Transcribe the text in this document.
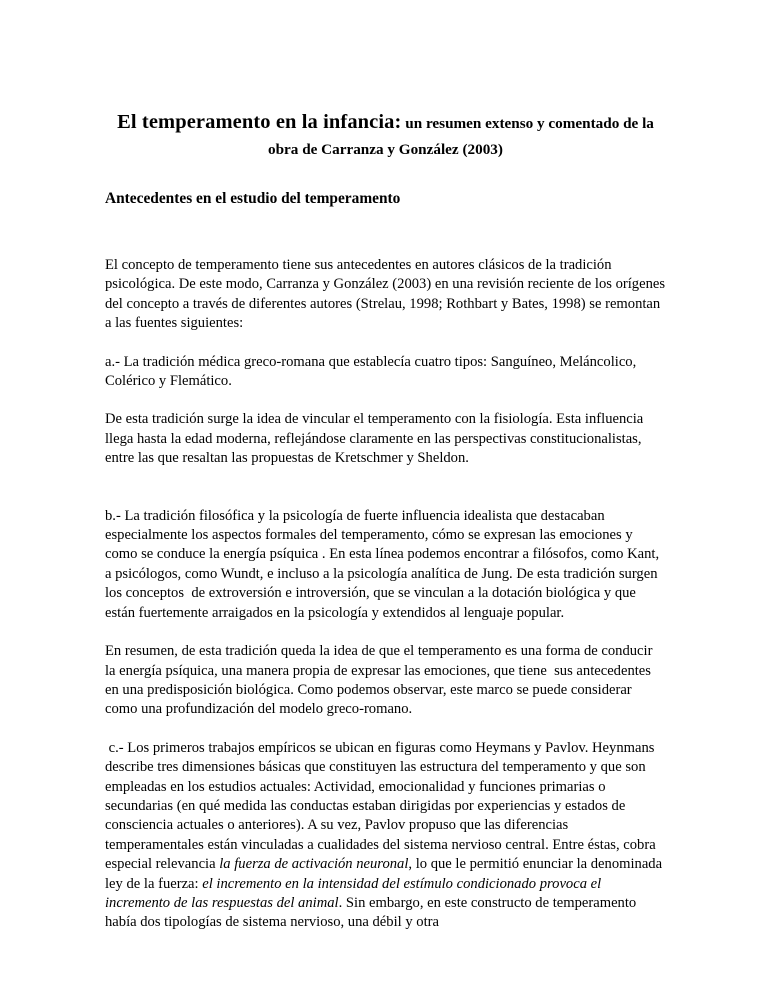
El temperamento en la infancia: un resumen extenso y comentado de la obra de Carranza y González (2003)
Antecedentes en el estudio del temperamento

El concepto de temperamento tiene sus antecedentes en autores clásicos de la tradición psicológica. De este modo, Carranza y González (2003) en una revisión reciente de los orígenes del concepto a través de diferentes autores (Strelau, 1998; Rothbart y Bates, 1998) se remontan a las fuentes siguientes:

a.- La tradición médica greco-romana que establecía cuatro tipos: Sanguíneo, Meláncolico, Colérico y Flemático.

De esta tradición surge la idea de vincular el temperamento con la fisiología. Esta influencia llega hasta la edad moderna, reflejándose claramente en las perspectivas constitucionalistas, entre las que resaltan las propuestas de Kretschmer y Sheldon.

b.- La tradición filosófica y la psicología de fuerte influencia idealista que destacaban especialmente los aspectos formales del temperamento, cómo se expresan las emociones y como se conduce la energía psíquica . En esta línea podemos encontrar a filósofos, como Kant, a psicólogos, como Wundt, e incluso a la psicología analítica de Jung. De esta tradición surgen los conceptos  de extroversión e introversión, que se vinculan a la dotación biológica y que están fuertemente arraigados en la psicología y extendidos al lenguaje popular.

En resumen, de esta tradición queda la idea de que el temperamento es una forma de conducir la energía psíquica, una manera propia de expresar las emociones, que tiene  sus antecedentes en una predisposición biológica. Como podemos observar, este marco se puede considerar como una profundización del modelo greco-romano.

c.- Los primeros trabajos empíricos se ubican en figuras como Heymans y Pavlov. Heynmans describe tres dimensiones básicas que constituyen las estructura del temperamento y que son empleadas en los estudios actuales: Actividad, emocionalidad y funciones primarias o secundarias (en qué medida las conductas estaban dirigidas por experiencias y estados de consciencia actuales o anteriores). A su vez, Pavlov propuso que las diferencias temperamentales están vinculadas a cualidades del sistema nervioso central. Entre éstas, cobra especial relevancia la fuerza de activación neuronal, lo que le permitió enunciar la denominada ley de la fuerza: el incremento en la intensidad del estímulo condicionado provoca el incremento de las respuestas del animal. Sin embargo, en este constructo de temperamento había dos tipologías de sistema nervioso, una débil y otra
